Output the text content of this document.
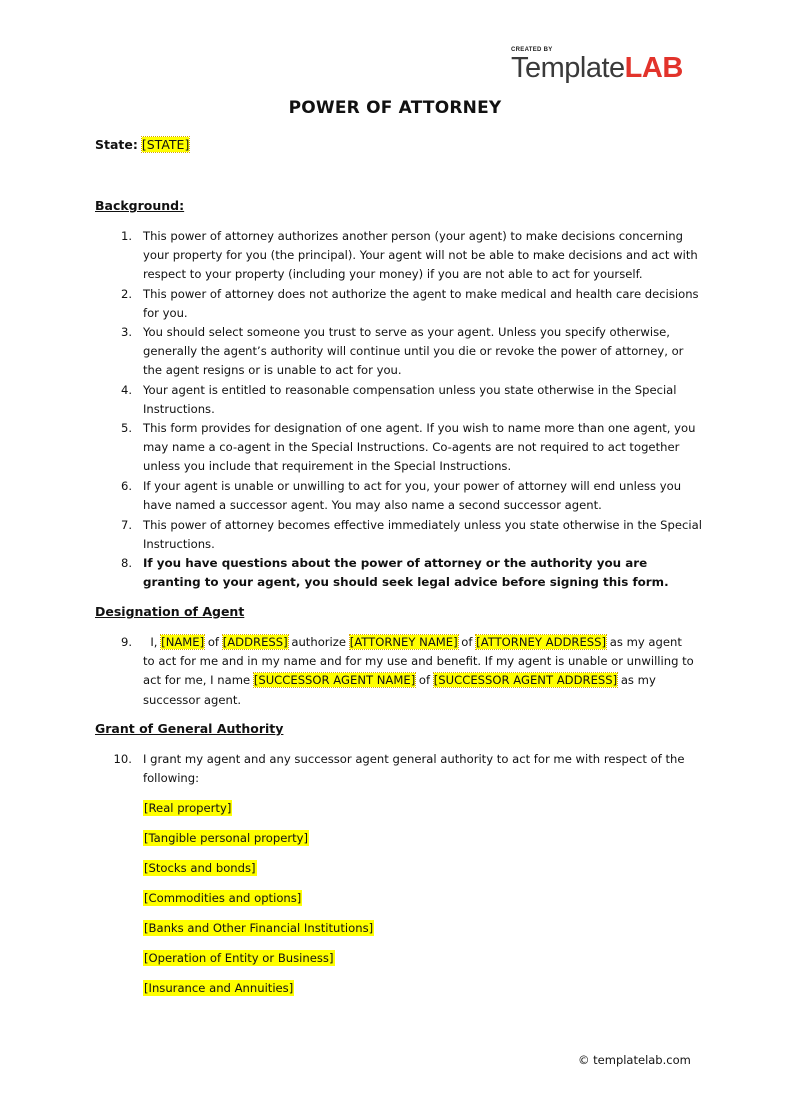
CREATED BY
TemplateLAB
POWER OF ATTORNEY
State: [STATE]
Background:
1. This power of attorney authorizes another person (your agent) to make decisions concerning your property for you (the principal). Your agent will not be able to make decisions and act with respect to your property (including your money) if you are not able to act for yourself.
2. This power of attorney does not authorize the agent to make medical and health care decisions for you.
3. You should select someone you trust to serve as your agent. Unless you specify otherwise, generally the agent’s authority will continue until you die or revoke the power of attorney, or the agent resigns or is unable to act for you.
4. Your agent is entitled to reasonable compensation unless you state otherwise in the Special Instructions.
5. This form provides for designation of one agent. If you wish to name more than one agent, you may name a co-agent in the Special Instructions. Co-agents are not required to act together unless you include that requirement in the Special Instructions.
6. If your agent is unable or unwilling to act for you, your power of attorney will end unless you have named a successor agent. You may also name a second successor agent.
7. This power of attorney becomes effective immediately unless you state otherwise in the Special Instructions.
8. If you have questions about the power of attorney or the authority you are granting to your agent, you should seek legal advice before signing this form.
Designation of Agent
9.	I, [NAME] of [ADDRESS] authorize [ATTORNEY NAME] of [ATTORNEY ADDRESS] as my agent to act for me and in my name and for my use and benefit. If my agent is unable or unwilling to act for me, I name [SUCCESSOR AGENT NAME] of [SUCCESSOR AGENT ADDRESS] as my successor agent.
Grant of General Authority
10. I grant my agent and any successor agent general authority to act for me with respect of the following:
[Real property]
[Tangible personal property]
[Stocks and bonds]
[Commodities and options]
[Banks and Other Financial Institutions]
[Operation of Entity or Business]
[Insurance and Annuities]
© templatelab.com
